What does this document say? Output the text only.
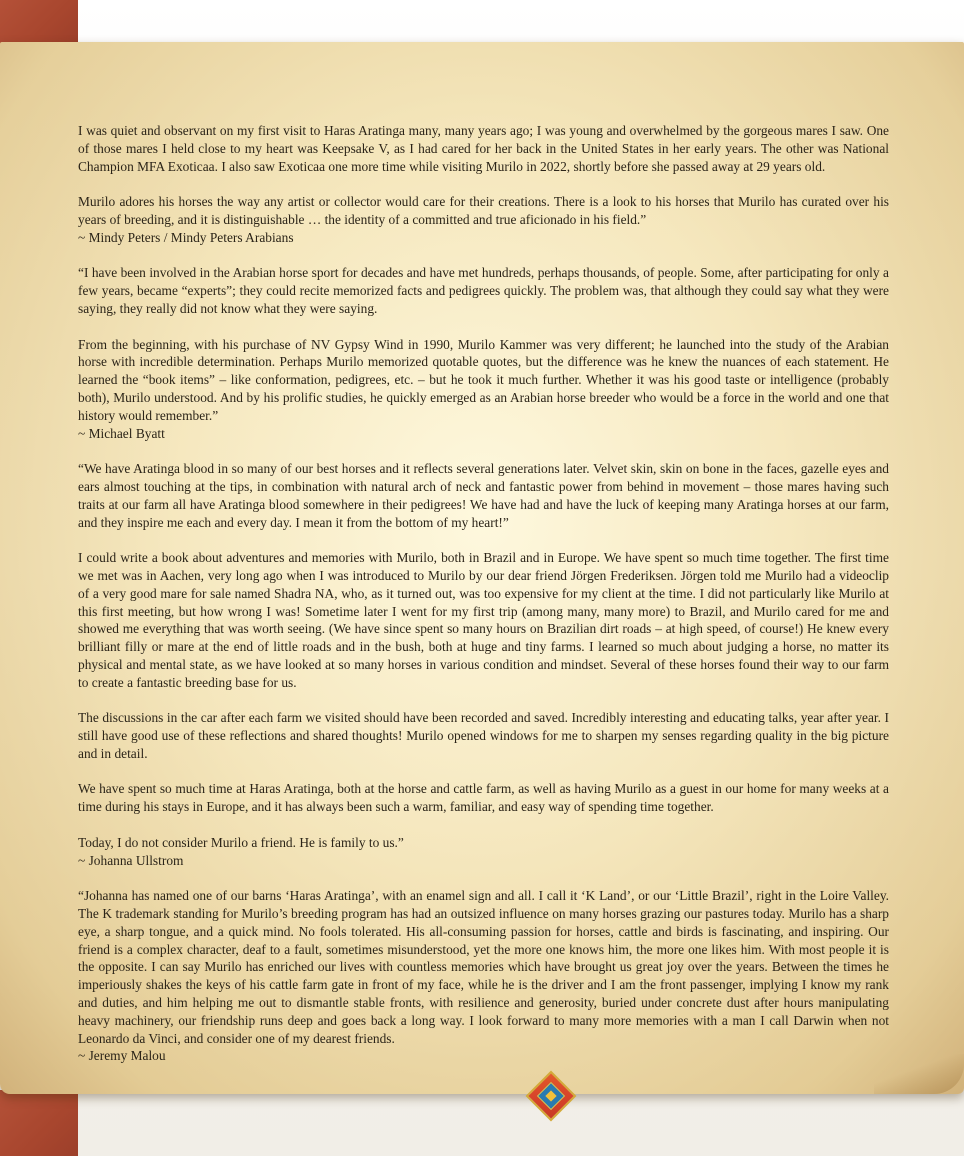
I was quiet and observant on my first visit to Haras Aratinga many, many years ago; I was young and overwhelmed by the gorgeous mares I saw. One of those mares I held close to my heart was Keepsake V, as I had cared for her back in the United States in her early years. The other was National Champion MFA Exoticaa. I also saw Exoticaa one more time while visiting Murilo in 2022, shortly before she passed away at 29 years old.

Murilo adores his horses the way any artist or collector would care for their creations. There is a look to his horses that Murilo has curated over his years of breeding, and it is distinguishable … the identity of a committed and true aficionado in his field.”
~ Mindy Peters / Mindy Peters Arabians

“I have been involved in the Arabian horse sport for decades and have met hundreds, perhaps thousands, of people. Some, after participating for only a few years, became “experts”; they could recite memorized facts and pedigrees quickly. The problem was, that although they could say what they were saying, they really did not know what they were saying.

From the beginning, with his purchase of NV Gypsy Wind in 1990, Murilo Kammer was very different; he launched into the study of the Arabian horse with incredible determination. Perhaps Murilo memorized quotable quotes, but the difference was he knew the nuances of each statement. He learned the “book items” – like conformation, pedigrees, etc. – but he took it much further. Whether it was his good taste or intelligence (probably both), Murilo understood. And by his prolific studies, he quickly emerged as an Arabian horse breeder who would be a force in the world and one that history would remember.”
~ Michael Byatt

“We have Aratinga blood in so many of our best horses and it reflects several generations later. Velvet skin, skin on bone in the faces, gazelle eyes and ears almost touching at the tips, in combination with natural arch of neck and fantastic power from behind in movement – those mares having such traits at our farm all have Aratinga blood somewhere in their pedigrees! We have had and have the luck of keeping many Aratinga horses at our farm, and they inspire me each and every day. I mean it from the bottom of my heart!”

I could write a book about adventures and memories with Murilo, both in Brazil and in Europe. We have spent so much time together. The first time we met was in Aachen, very long ago when I was introduced to Murilo by our dear friend Jörgen Frederiksen. Jörgen told me Murilo had a videoclip of a very good mare for sale named Shadra NA, who, as it turned out, was too expensive for my client at the time. I did not particularly like Murilo at this first meeting, but how wrong I was! Sometime later I went for my first trip (among many, many more) to Brazil, and Murilo cared for me and showed me everything that was worth seeing. (We have since spent so many hours on Brazilian dirt roads – at high speed, of course!) He knew every brilliant filly or mare at the end of little roads and in the bush, both at huge and tiny farms. I learned so much about judging a horse, no matter its physical and mental state, as we have looked at so many horses in various condition and mindset. Several of these horses found their way to our farm to create a fantastic breeding base for us.

The discussions in the car after each farm we visited should have been recorded and saved. Incredibly interesting and educating talks, year after year. I still have good use of these reflections and shared thoughts! Murilo opened windows for me to sharpen my senses regarding quality in the big picture and in detail.

We have spent so much time at Haras Aratinga, both at the horse and cattle farm, as well as having Murilo as a guest in our home for many weeks at a time during his stays in Europe, and it has always been such a warm, familiar, and easy way of spending time together.

Today, I do not consider Murilo a friend. He is family to us.”
~ Johanna Ullstrom

“Johanna has named one of our barns ‘Haras Aratinga’, with an enamel sign and all. I call it ‘K Land’, or our ‘Little Brazil’, right in the Loire Valley. The K trademark standing for Murilo’s breeding program has had an outsized influence on many horses grazing our pastures today. Murilo has a sharp eye, a sharp tongue, and a quick mind. No fools tolerated. His all-consuming passion for horses, cattle and birds is fascinating, and inspiring. Our friend is a complex character, deaf to a fault, sometimes misunderstood, yet the more one knows him, the more one likes him. With most people it is the opposite. I can say Murilo has enriched our lives with countless memories which have brought us great joy over the years. Between the times he imperiously shakes the keys of his cattle farm gate in front of my face, while he is the driver and I am the front passenger, implying I know my rank and duties, and him helping me out to dismantle stable fronts, with resilience and generosity, buried under concrete dust after hours manipulating heavy machinery, our friendship runs deep and goes back a long way. I look forward to many more memories with a man I call Darwin when not Leonardo da Vinci, and consider one of my dearest friends.
~ Jeremy Malou
